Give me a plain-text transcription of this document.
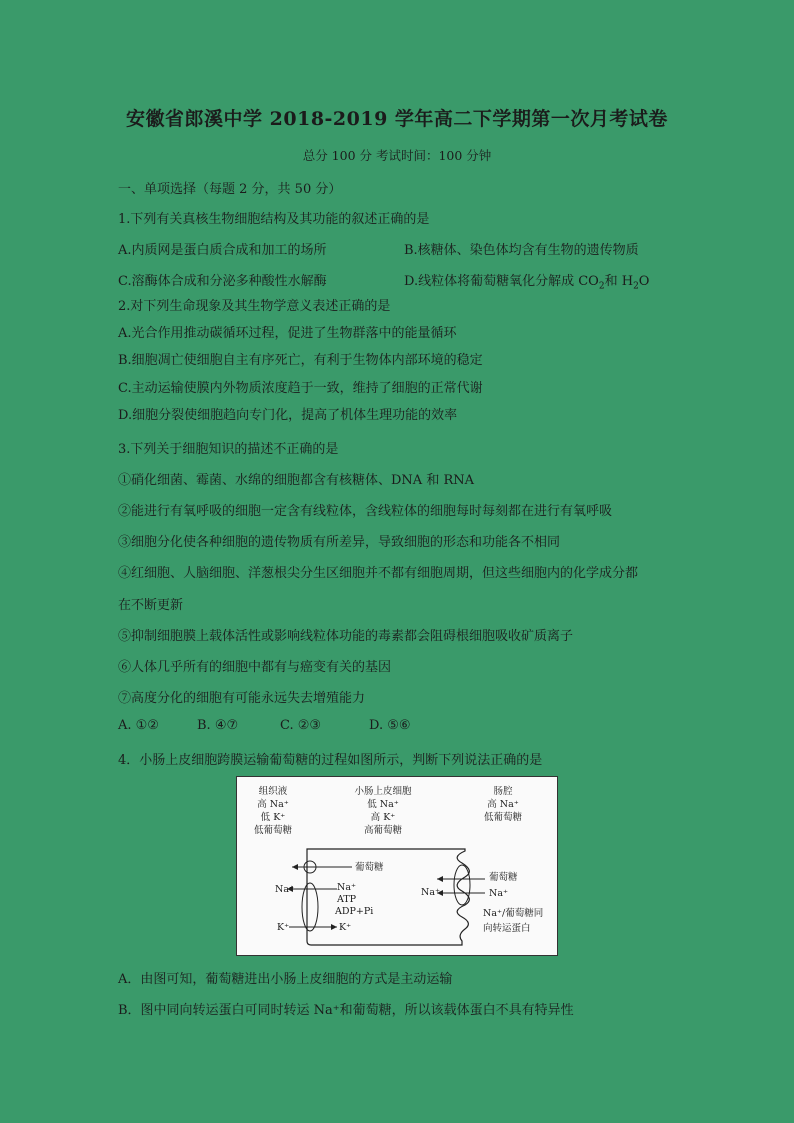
安徽省郎溪中学 2018-2019 学年高二下学期第一次月考试卷
总分 100 分 考试时间：100 分钟
一、单项选择（每题 2 分，共 50 分）
1.下列有关真核生物细胞结构及其功能的叙述正确的是
A.内质网是蛋白质合成和加工的场所	B.核糖体、染色体均含有生物的遗传物质
C.溶酶体合成和分泌多种酸性水解酶	D.线粒体将葡萄糖氧化分解成 $CO_2$和 $H_2O$
2.对下列生命现象及其生物学意义表述正确的是
A.光合作用推动碳循环过程，促进了生物群落中的能量循环
B.细胞凋亡使细胞自主有序死亡，有利于生物体内部环境的稳定
C.主动运输使膜内外物质浓度趋于一致，维持了细胞的正常代谢
D.细胞分裂使细胞趋向专门化，提高了机体生理功能的效率
3.下列关于细胞知识的描述不正确的是
①硝化细菌、霉菌、水绵的细胞都含有核糖体、DNA 和 RNA
②能进行有氧呼吸的细胞一定含有线粒体，含线粒体的细胞每时每刻都在进行有氧呼吸
③细胞分化使各种细胞的遗传物质有所差异，导致细胞的形态和功能各不相同
④红细胞、人脑细胞、洋葱根尖分生区细胞并不都有细胞周期，但这些细胞内的化学成分都
在不断更新
⑤抑制细胞膜上载体活性或影响线粒体功能的毒素都会阻碍根细胞吸收矿质离子
⑥人体几乎所有的细胞中都有与癌变有关的基因
⑦高度分化的细胞有可能永远失去增殖能力
A. ①②	B. ④⑦	C. ②③	D. ⑤⑥
4．小肠上皮细胞跨膜运输葡萄糖的过程如图所示，判断下列说法正确的是
组织液
高 Na⁺
低 K⁺
低葡萄糖
小肠上皮细胞
低 Na⁺
高 K⁺
高葡萄糖
肠腔
高 Na⁺
低葡萄糖
葡萄糖
Na⁺	Na⁺
ATP
ADP+Pi
K⁺	K⁺
葡萄糖
Na⁺	Na⁺
Na⁺/葡萄糖同
向转运蛋白
A．由图可知，葡萄糖进出小肠上皮细胞的方式是主动运输
B．图中同向转运蛋白可同时转运 Na⁺和葡萄糖，所以该载体蛋白不具有特异性
